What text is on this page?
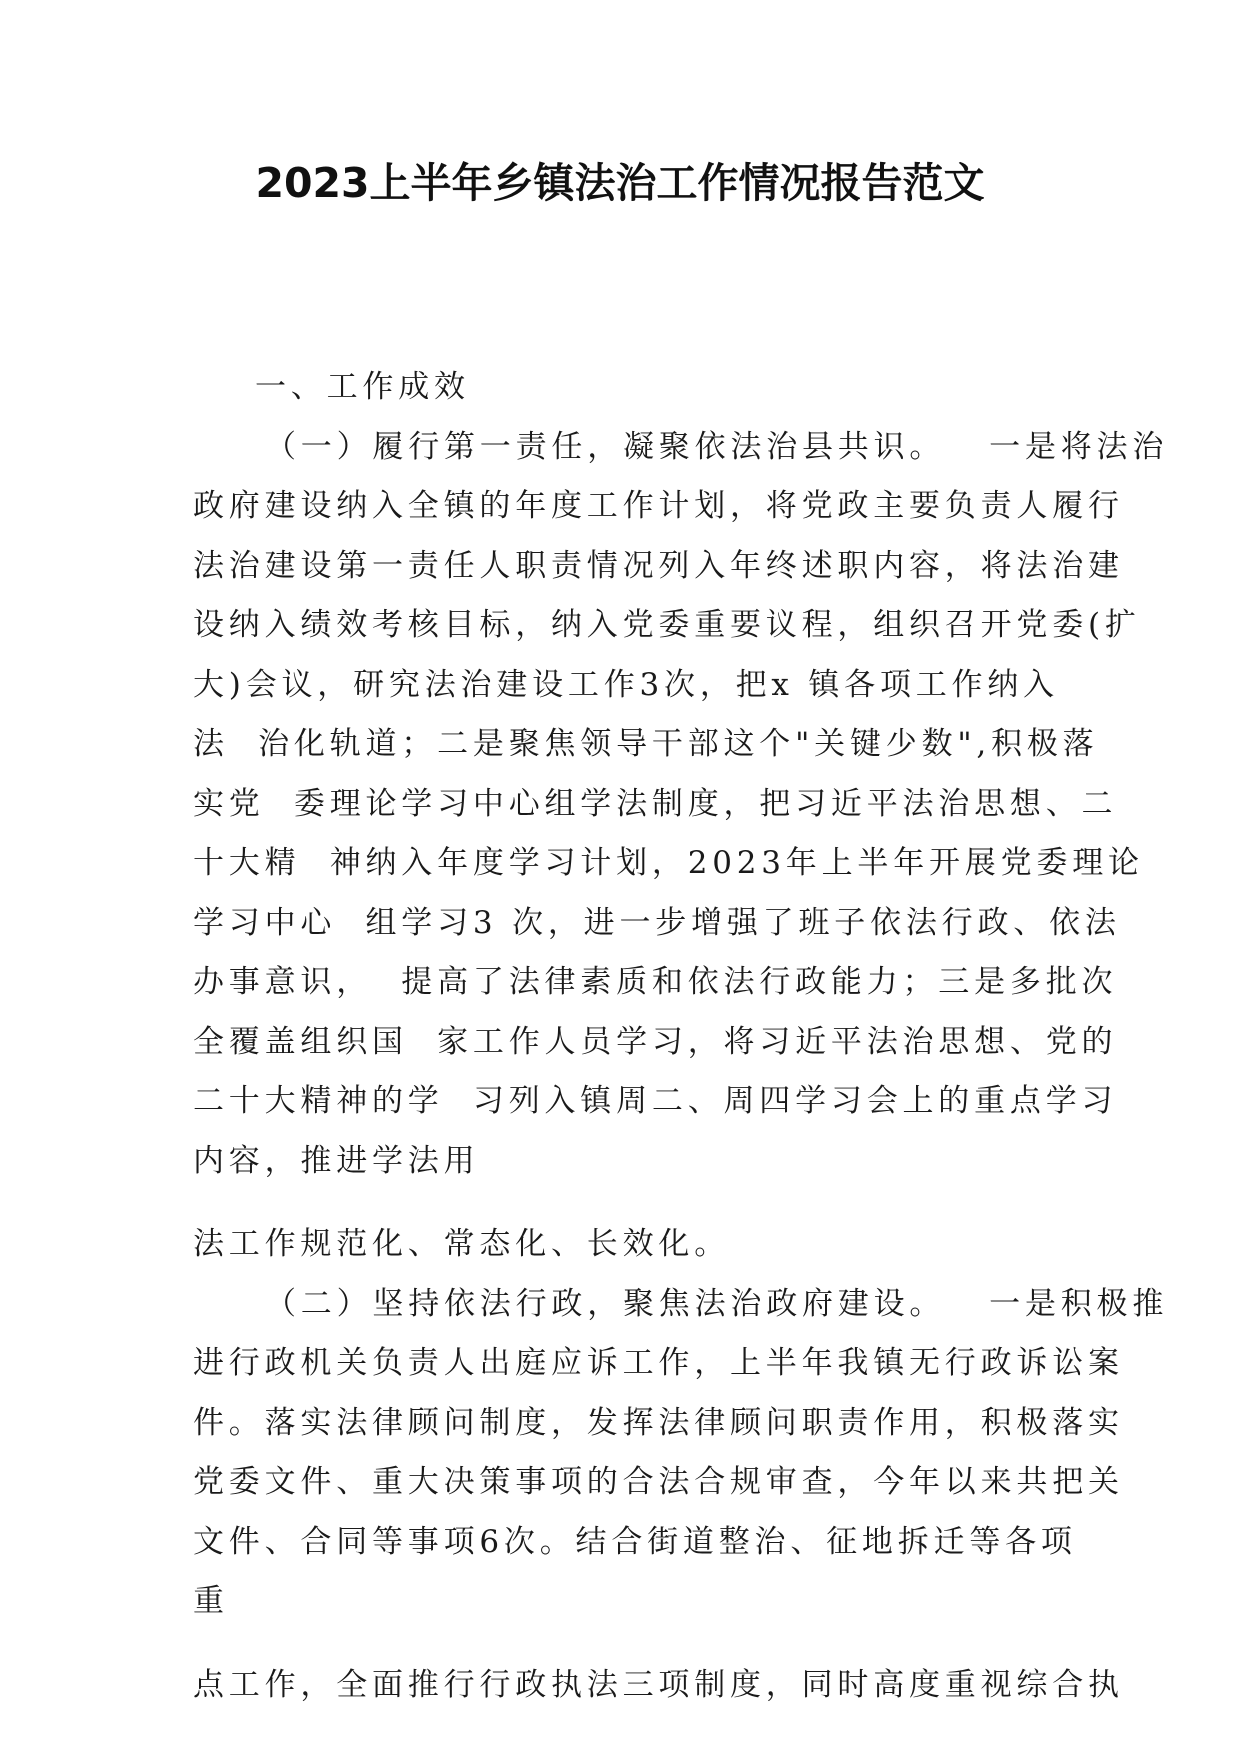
2023上半年乡镇法治工作情况报告范文
一、工作成效
（一）履行第一责任，凝聚依法治县共识。   一是将法治
政府建设纳入全镇的年度工作计划，将党政主要负责人履行
法治建设第一责任人职责情况列入年终述职内容，将法治建
设纳入绩效考核目标，纳入党委重要议程，组织召开党委(扩
大)会议，研究法治建设工作3次，把x 镇各项工作纳入
法  治化轨道；二是聚焦领导干部这个"关键少数",积极落
实党  委理论学习中心组学法制度，把习近平法治思想、二
十大精  神纳入年度学习计划，2023年上半年开展党委理论
学习中心  组学习3 次，进一步增强了班子依法行政、依法
办事意识，  提高了法律素质和依法行政能力；三是多批次
全覆盖组织国  家工作人员学习，将习近平法治思想、党的
二十大精神的学  习列入镇周二、周四学习会上的重点学习
内容，推进学法用
法工作规范化、常态化、长效化。
（二）坚持依法行政，聚焦法治政府建设。   一是积极推
进行政机关负责人出庭应诉工作，上半年我镇无行政诉讼案
件。落实法律顾问制度，发挥法律顾问职责作用，积极落实
党委文件、重大决策事项的合法合规审查，今年以来共把关
文件、合同等事项6次。结合街道整治、征地拆迁等各项
重
点工作，全面推行行政执法三项制度，同时高度重视综合执
